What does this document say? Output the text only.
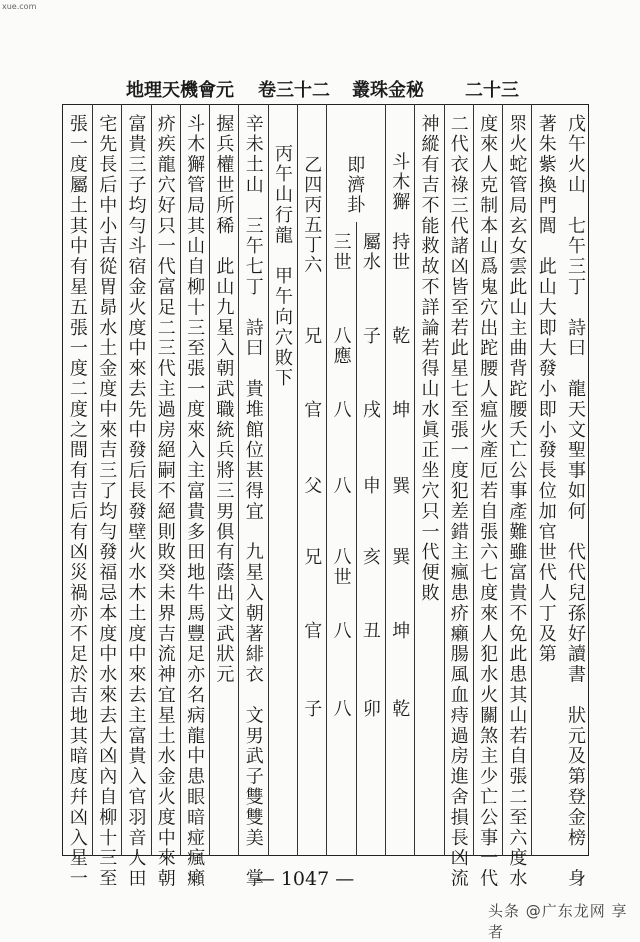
xue.com
地理天機會元 卷三十二 叢珠金秘 二十三
戊午火山　七午三丁　詩曰　龍天文聖事如何　代代兒孫好讀書　狀元及第登金榜　身
著朱紫換門閭　此山大即大發小即小發長位加官世代人丁及第
眔火蛇管局玄女雲此山主曲背跎腰夭亡公事產難雖富貴不免此患其山若自張二至六度水
度來人克制本山爲鬼穴出跎腰人瘟火產厄若自張六七度來人犯水火關煞主少亡公事一代
二代衣祿三代諸凶皆至若此星七至張一度犯差錯主瘋患疥癩腸風血痔過房進舍損長凶流
神縱有吉不能救故不詳論若得山水眞正坐穴只一代便敗
斗木獬
持世
即濟卦
屬水
三世
乙四丙五丁六
乾
坤
巽
巽
坤
乾
子
戌
申
亥
丑
卯
八應
八
八
八世
八
八
兄
官
父
兄
官
子
丙午山行龍　甲午向穴敗下
辛未土山　三午七丁　詩曰　貴堆館位甚得宜　九星入朝著緋衣　文男武子雙雙美　掌
握兵權世所稀　此山九星入朝武職統兵將三男俱有蔭出文武狀元
斗木獬管局其山自柳十三至張一度來入主富貴多田地牛馬豐足亦名病龍中患眼暗痖瘋癩
疥疾龍穴好只一代富足二三代主過房絕嗣不絕則敗癸未界吉流神宜星土水金火度中來朝
富貴三子均勻斗宿金火度中來去先中發后長發壁火水木土度中來去主富貴入官羽音人田
宅先長后中小吉從胃昴水土金度中來吉三了均勻發福忌本度中水來去大凶內自柳十三至
張一度屬土其中有星五張一度二度之間有吉后有凶災禍亦不足於吉地其暗度幷凶入星一	— 1047 —
头条 @广东龙网 享者
